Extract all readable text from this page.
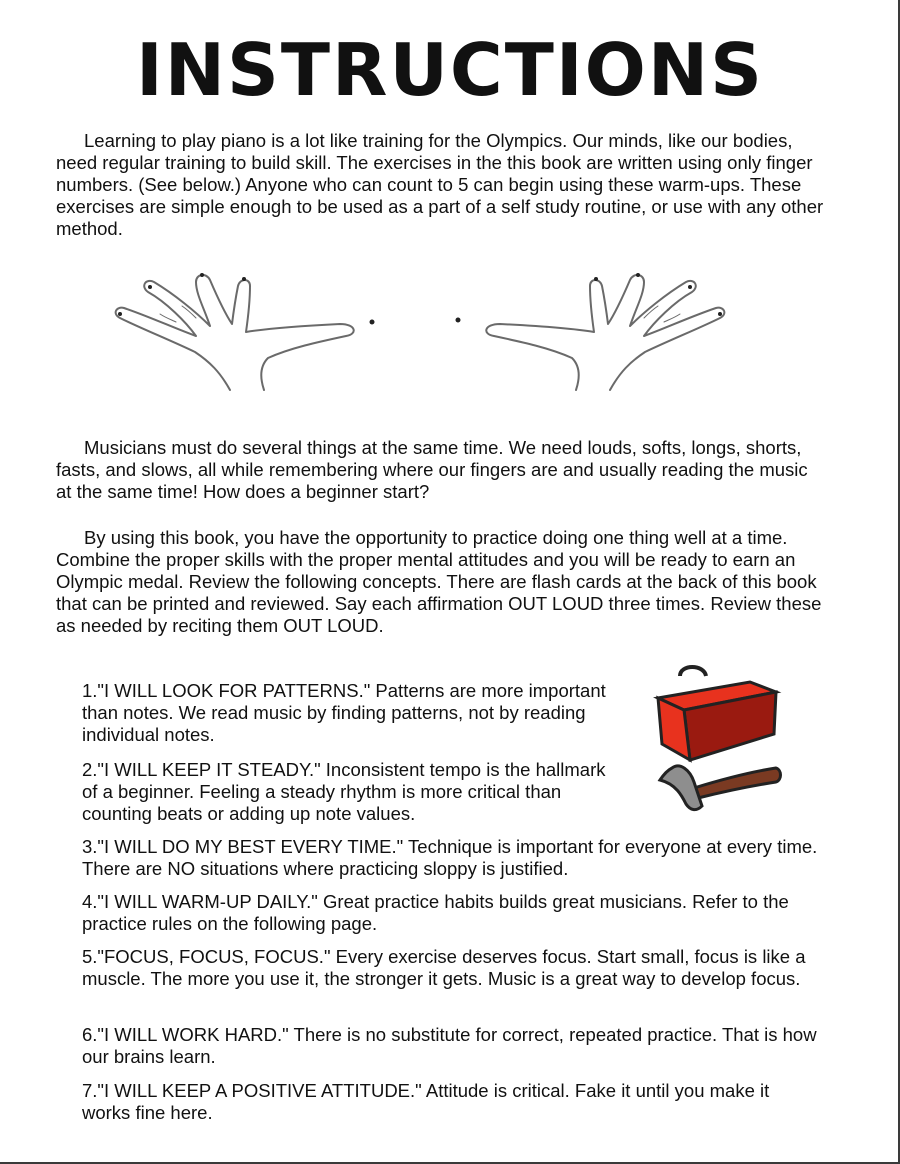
INSTRUCTIONS

Learning to play piano is a lot like training for the Olympics. Our minds, like our bodies, need regular training to build skill. The exercises in the this book are written using only finger numbers. (See below.) Anyone who can count to 5 can begin using these warm-ups. These exercises are simple enough to be used as a part of a self study routine, or use with any other method.

Musicians must do several things at the same time. We need louds, softs, longs, shorts, fasts, and slows, all while remembering where our fingers are and usually reading the music at the same time! How does a beginner start?

By using this book, you have the opportunity to practice doing one thing well at a time. Combine the proper skills with the proper mental attitudes and you will be ready to earn an Olympic medal. Review the following concepts. There are flash cards at the back of this book that can be printed and reviewed. Say each affirmation OUT LOUD three times. Review these as needed by reciting them OUT LOUD.

1."I WILL LOOK FOR PATTERNS." Patterns are more important than notes. We read music by finding patterns, not by reading individual notes.

2."I WILL KEEP IT STEADY." Inconsistent tempo is the hallmark of a beginner. Feeling a steady rhythm is more critical than counting beats or adding up note values.

3."I WILL DO MY BEST EVERY TIME." Technique is important for everyone at every time. There are NO situations where practicing sloppy is justified.

4."I WILL WARM-UP DAILY." Great practice habits builds great musicians. Refer to the practice rules on the following page.

5."FOCUS, FOCUS, FOCUS." Every exercise deserves focus. Start small, focus is like a muscle. The more you use it, the stronger it gets. Music is a great way to develop focus.

6."I WILL WORK HARD." There is no substitute for correct, repeated practice. That is how our brains learn.

7."I WILL KEEP A POSITIVE ATTITUDE." Attitude is critical. Fake it until you make it works fine here.
